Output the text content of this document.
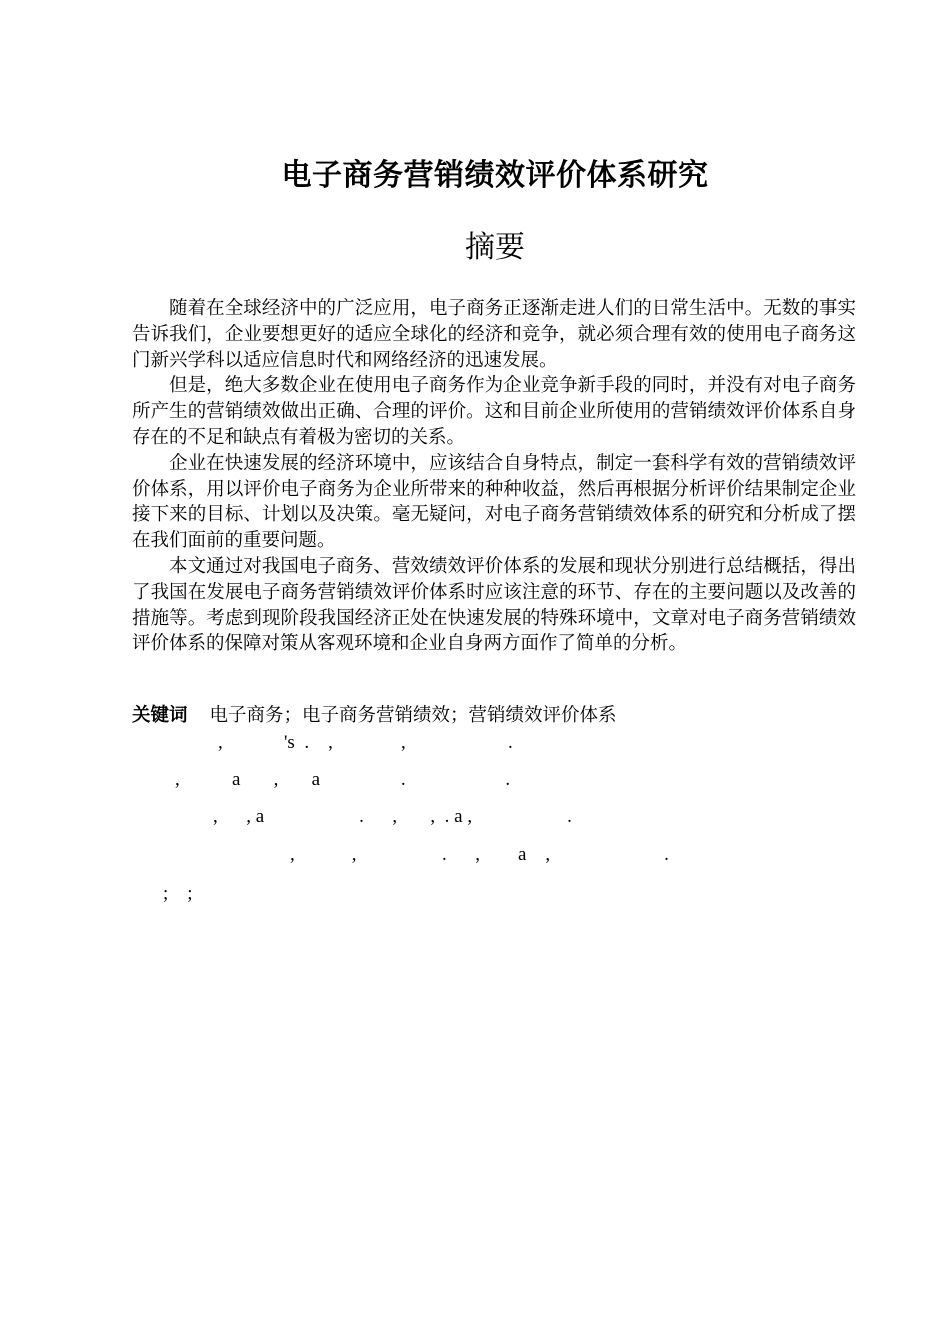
电子商务营销绩效评价体系研究
摘要

随着在全球经济中的广泛应用，电子商务正逐渐走进人们的日常生活中。无数的事实告诉我们，企业要想更好的适应全球化的经济和竞争，就必须合理有效的使用电子商务这门新兴学科以适应信息时代和网络经济的迅速发展。

但是，绝大多数企业在使用电子商务作为企业竞争新手段的同时，并没有对电子商务所产生的营销绩效做出正确、合理的评价。这和目前企业所使用的营销绩效评价体系自身存在的不足和缺点有着极为密切的关系。

企业在快速发展的经济环境中，应该结合自身特点，制定一套科学有效的营销绩效评价体系，用以评价电子商务为企业所带来的种种收益，然后再根据分析评价结果制定企业接下来的目标、计划以及决策。毫无疑问，对电子商务营销绩效体系的研究和分析成了摆在我们面前的重要问题。

本文通过对我国电子商务、营效绩效评价体系的发展和现状分别进行总结概括，得出了我国在发展电子商务营销绩效评价体系时应该注意的环节、存在的主要问题以及改善的措施等。考虑到现阶段我国经济正处在快速发展的特殊环境中，文章对电子商务营销绩效评价体系的保障对策从客观环境和企业自身两方面作了简单的分析。

关键词 电子商务；电子商务营销绩效；营销绩效评价体系
,	's  .    ,	,	.
,           a       ,       a                 .                     .
,      , a                    .      ,       ,  . a ,                    .
,            ,                  .      ,        a    ,                        .
;    ;
